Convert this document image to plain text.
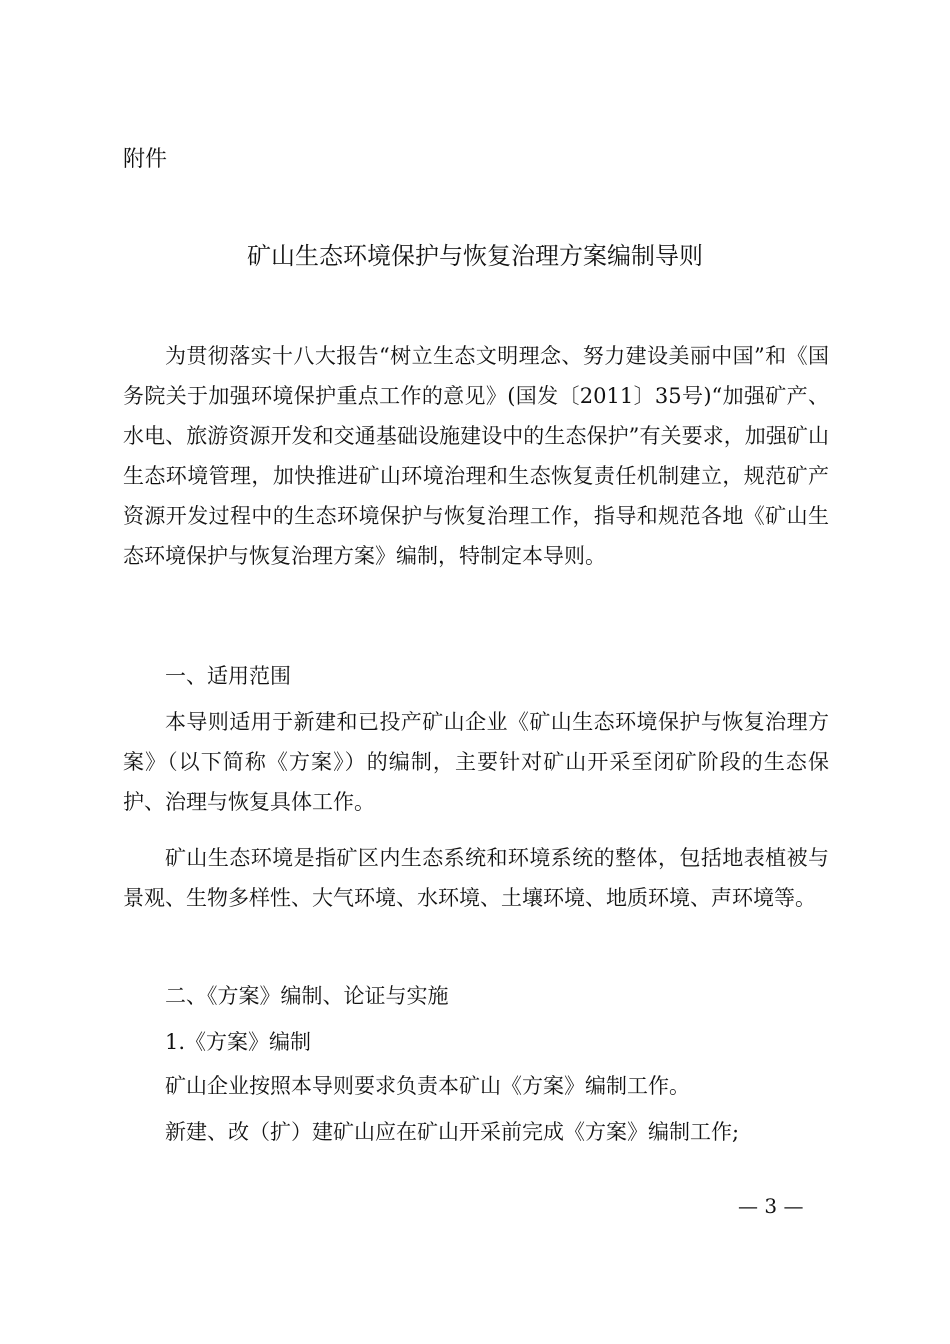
附件
矿山生态环境保护与恢复治理方案编制导则

为贯彻落实十八大报告“树立生态文明理念、努力建设美丽中国”和《国务院关于加强环境保护重点工作的意见》(国发〔2011〕35号)“加强矿产、水电、旅游资源开发和交通基础设施建设中的生态保护”有关要求，加强矿山生态环境管理，加快推进矿山环境治理和生态恢复责任机制建立，规范矿产资源开发过程中的生态环境保护与恢复治理工作，指导和规范各地《矿山生态环境保护与恢复治理方案》编制，特制定本导则。

一、适用范围

本导则适用于新建和已投产矿山企业《矿山生态环境保护与恢复治理方案》（以下简称《方案》）的编制，主要针对矿山开采至闭矿阶段的生态保护、治理与恢复具体工作。

矿山生态环境是指矿区内生态系统和环境系统的整体，包括地表植被与景观、生物多样性、大气环境、水环境、土壤环境、地质环境、声环境等。

二、《方案》编制、论证与实施
1.《方案》编制
矿山企业按照本导则要求负责本矿山《方案》编制工作。
新建、改（扩）建矿山应在矿山开采前完成《方案》编制工作;
— 3 —
